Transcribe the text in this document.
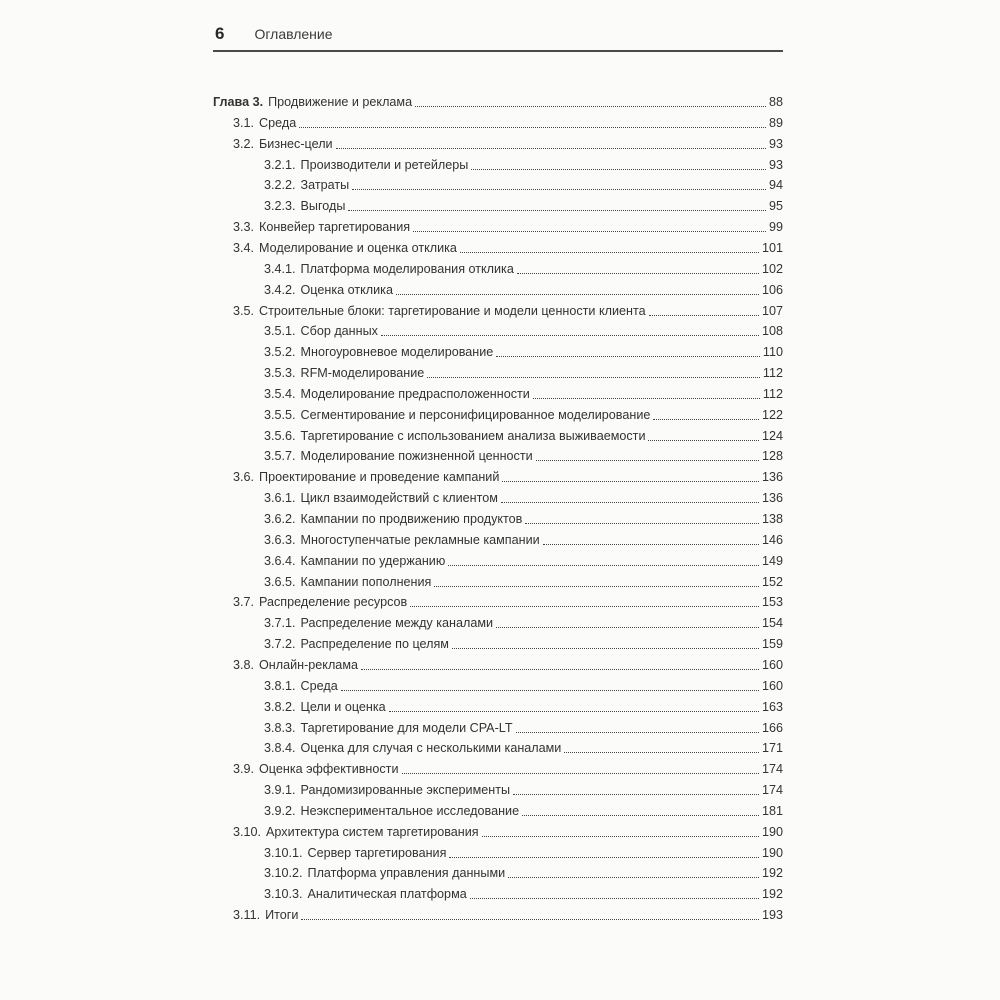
6 Оглавление
Глава 3. Продвижение и реклама	88
3.1. Среда	89
3.2. Бизнес-цели	93
3.2.1. Производители и ретейлеры	93
3.2.2. Затраты	94
3.2.3. Выгоды	95
3.3. Конвейер таргетирования	99
3.4. Моделирование и оценка отклика	101
3.4.1. Платформа моделирования отклика	102
3.4.2. Оценка отклика	106
3.5. Строительные блоки: таргетирование и модели ценности клиента	107
3.5.1. Сбор данных	108
3.5.2. Многоуровневое моделирование	110
3.5.3. RFM-моделирование	112
3.5.4. Моделирование предрасположенности	112
3.5.5. Сегментирование и персонифицированное моделирование	122
3.5.6. Таргетирование с использованием анализа выживаемости	124
3.5.7. Моделирование пожизненной ценности	128
3.6. Проектирование и проведение кампаний	136
3.6.1. Цикл взаимодействий с клиентом	136
3.6.2. Кампании по продвижению продуктов	138
3.6.3. Многоступенчатые рекламные кампании	146
3.6.4. Кампании по удержанию	149
3.6.5. Кампании пополнения	152
3.7. Распределение ресурсов	153
3.7.1. Распределение между каналами	154
3.7.2. Распределение по целям	159
3.8. Онлайн-реклама	160
3.8.1. Среда	160
3.8.2. Цели и оценка	163
3.8.3. Таргетирование для модели CPA-LT	166
3.8.4. Оценка для случая с несколькими каналами	171
3.9. Оценка эффективности	174
3.9.1. Рандомизированные эксперименты	174
3.9.2. Неэкспериментальное исследование	181
3.10. Архитектура систем таргетирования	190
3.10.1. Сервер таргетирования	190
3.10.2. Платформа управления данными	192
3.10.3. Аналитическая платформа	192
3.11. Итоги	193
